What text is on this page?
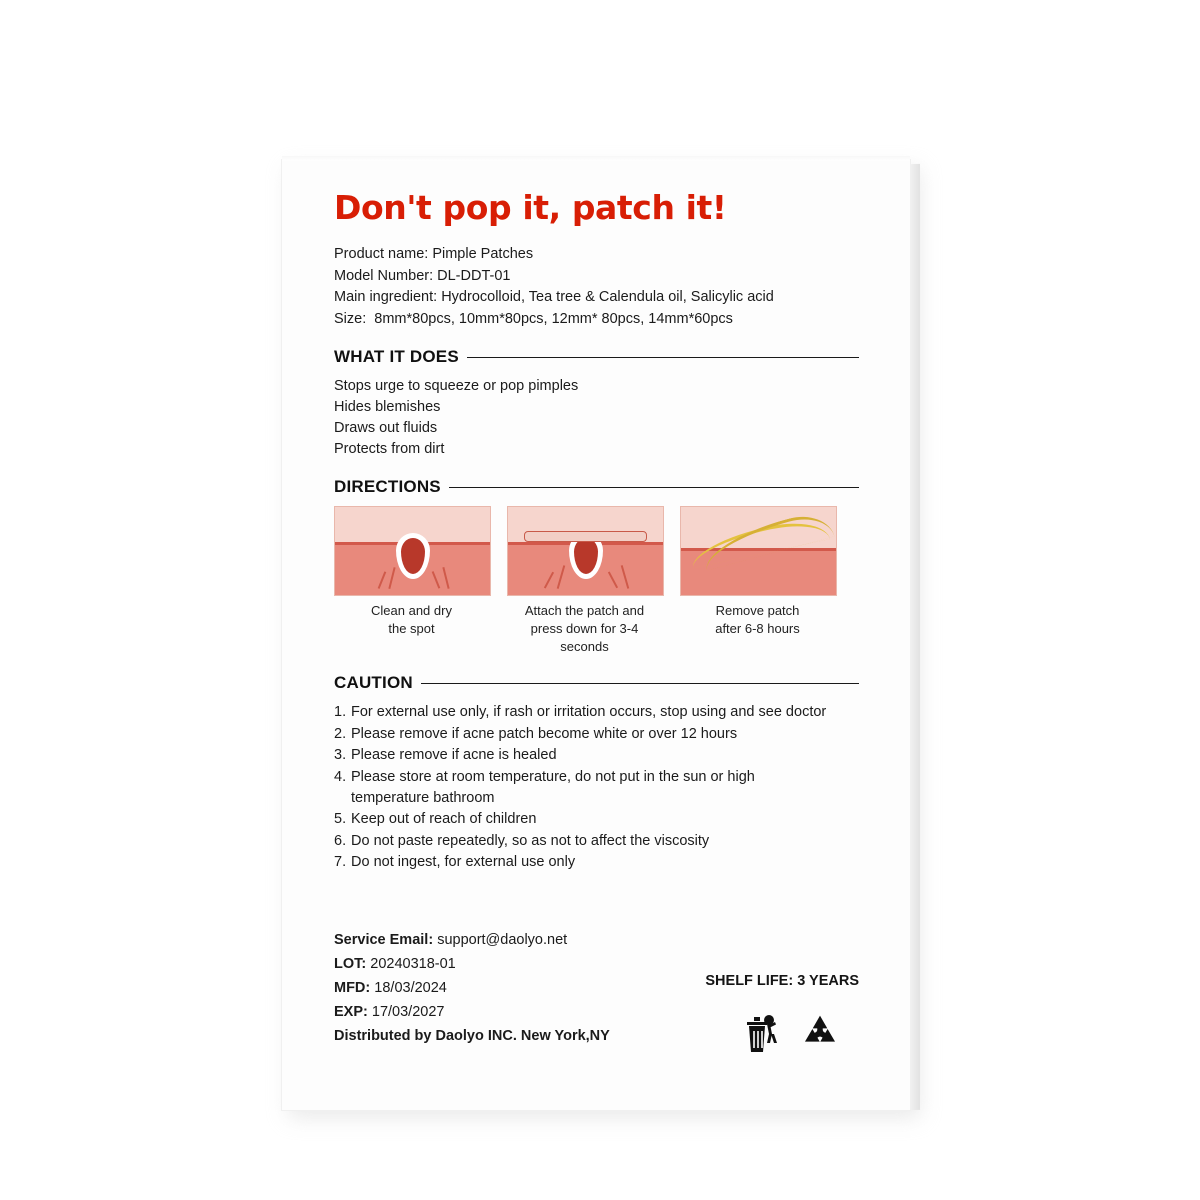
Don't pop it, patch it!
Product name: Pimple Patches
Model Number: DL-DDT-01
Main ingredient: Hydrocolloid, Tea tree & Calendula oil, Salicylic acid
Size:  8mm*80pcs, 10mm*80pcs, 12mm* 80pcs, 14mm*60pcs
WHAT IT DOES
Stops urge to squeeze or pop pimples
Hides blemishes
Draws out fluids
Protects from dirt
DIRECTIONS
Clean and dry
the spot
Attach the patch and
press down for 3-4 seconds
Remove patch
after 6-8 hours
CAUTION
1. For external use only, if rash or irritation occurs, stop using and see doctor
2. Please remove if acne patch become white or over 12 hours
3. Please remove if acne is healed
4. Please store at room temperature, do not put in the sun or high
temperature bathroom
5. Keep out of reach of children
6. Do not paste repeatedly, so as not to affect the viscosity
7. Do not ingest, for external use only
Service Email: support@daolyo.net
LOT: 20240318-01
MFD: 18/03/2024
EXP: 17/03/2027
Distributed by Daolyo INC. New York,NY
SHELF LIFE: 3 YEARS
